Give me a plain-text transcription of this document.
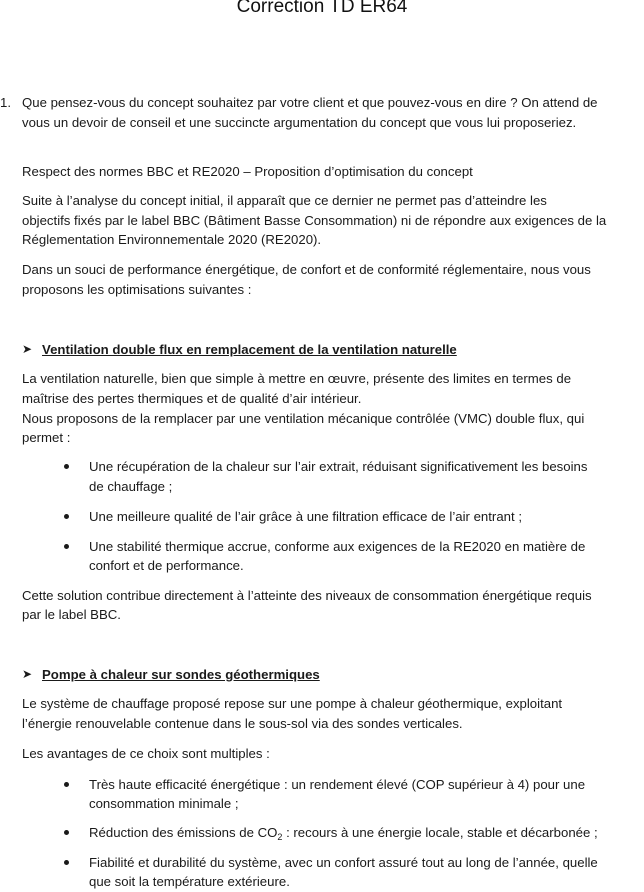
Correction TD ER64
1. Que pensez-vous du concept souhaitez par votre client et que pouvez-vous en dire ? On attend de
vous un devoir de conseil et une succincte argumentation du concept que vous lui proposeriez.
Respect des normes BBC et RE2020 – Proposition d’optimisation du concept
Suite à l’analyse du concept initial, il apparaît que ce dernier ne permet pas d’atteindre les
objectifs fixés par le label BBC (Bâtiment Basse Consommation) ni de répondre aux exigences de la
Réglementation Environnementale 2020 (RE2020).
Dans un souci de performance énergétique, de confort et de conformité réglementaire, nous vous
proposons les optimisations suivantes :
➤ Ventilation double flux en remplacement de la ventilation naturelle
La ventilation naturelle, bien que simple à mettre en œuvre, présente des limites en termes de
maîtrise des pertes thermiques et de qualité d’air intérieur.
Nous proposons de la remplacer par une ventilation mécanique contrôlée (VMC) double flux, qui
permet :
Une récupération de la chaleur sur l’air extrait, réduisant significativement les besoins
de chauffage ;
Une meilleure qualité de l’air grâce à une filtration efficace de l’air entrant ;
Une stabilité thermique accrue, conforme aux exigences de la RE2020 en matière de
confort et de performance.
Cette solution contribue directement à l’atteinte des niveaux de consommation énergétique requis
par le label BBC.
➤ Pompe à chaleur sur sondes géothermiques
Le système de chauffage proposé repose sur une pompe à chaleur géothermique, exploitant
l’énergie renouvelable contenue dans le sous-sol via des sondes verticales.
Les avantages de ce choix sont multiples :
Très haute efficacité énergétique : un rendement élevé (COP supérieur à 4) pour une
consommation minimale ;
Réduction des émissions de $CO_2$ : recours à une énergie locale, stable et décarbonée ;
Fiabilité et durabilité du système, avec un confort assuré tout au long de l’année, quelle
que soit la température extérieure.
